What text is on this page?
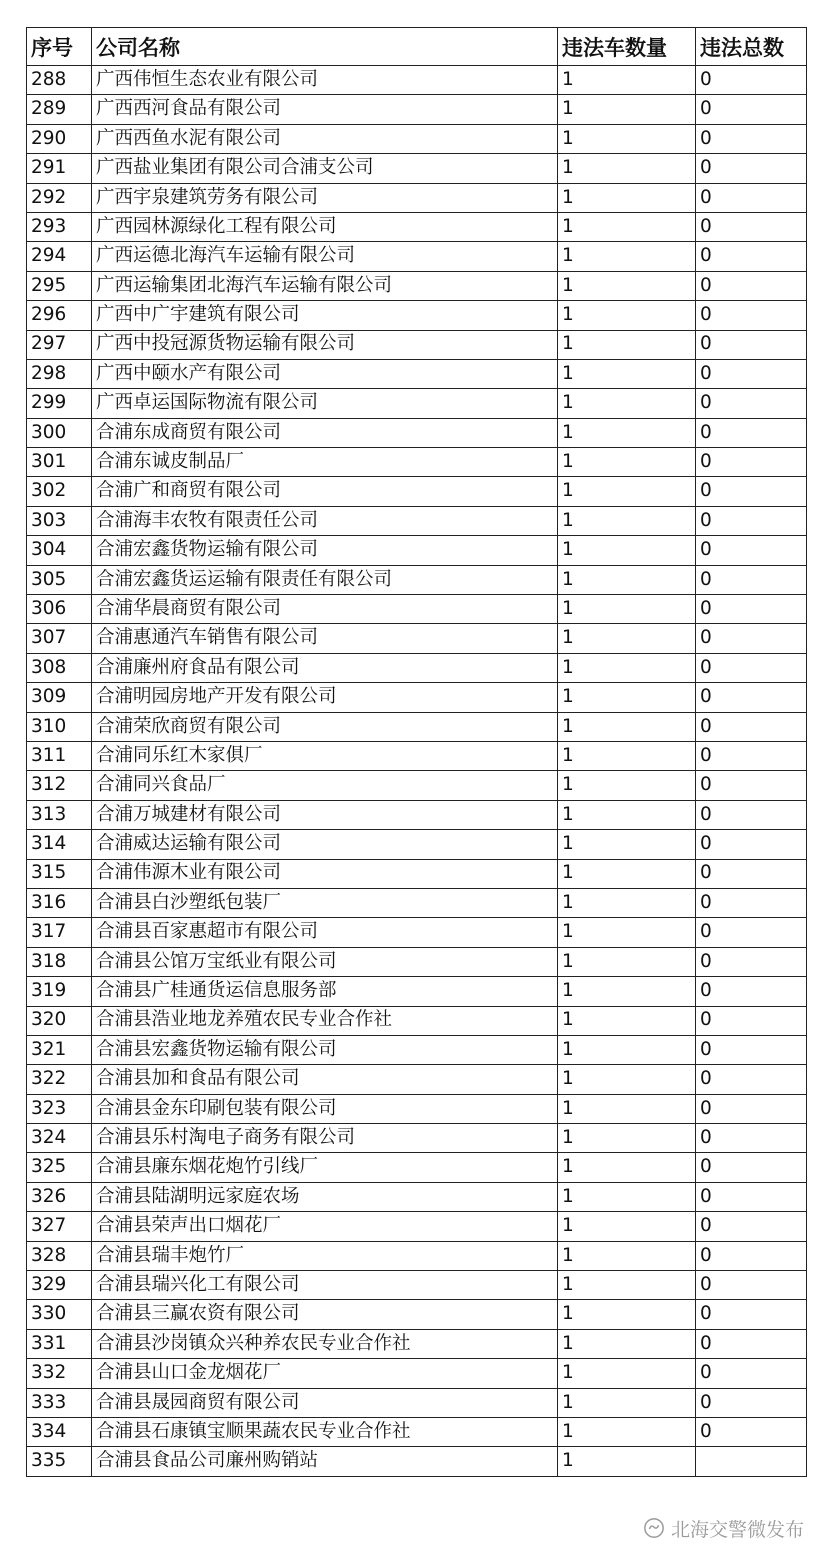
序号	公司名称	违法车数量	违法总数
288	广西伟恒生态农业有限公司	1	0
289	广西西河食品有限公司	1	0
290	广西西鱼水泥有限公司	1	0
291	广西盐业集团有限公司合浦支公司	1	0
292	广西宇泉建筑劳务有限公司	1	0
293	广西园林源绿化工程有限公司	1	0
294	广西运德北海汽车运输有限公司	1	0
295	广西运输集团北海汽车运输有限公司	1	0
296	广西中广宇建筑有限公司	1	0
297	广西中投冠源货物运输有限公司	1	0
298	广西中颐水产有限公司	1	0
299	广西卓运国际物流有限公司	1	0
300	合浦东成商贸有限公司	1	0
301	合浦东诚皮制品厂	1	0
302	合浦广和商贸有限公司	1	0
303	合浦海丰农牧有限责任公司	1	0
304	合浦宏鑫货物运输有限公司	1	0
305	合浦宏鑫货运运输有限责任有限公司	1	0
306	合浦华晨商贸有限公司	1	0
307	合浦惠通汽车销售有限公司	1	0
308	合浦廉州府食品有限公司	1	0
309	合浦明园房地产开发有限公司	1	0
310	合浦荣欣商贸有限公司	1	0
311	合浦同乐红木家俱厂	1	0
312	合浦同兴食品厂	1	0
313	合浦万城建材有限公司	1	0
314	合浦威达运输有限公司	1	0
315	合浦伟源木业有限公司	1	0
316	合浦县白沙塑纸包装厂	1	0
317	合浦县百家惠超市有限公司	1	0
318	合浦县公馆万宝纸业有限公司	1	0
319	合浦县广桂通货运信息服务部	1	0
320	合浦县浩业地龙养殖农民专业合作社	1	0
321	合浦县宏鑫货物运输有限公司	1	0
322	合浦县加和食品有限公司	1	0
323	合浦县金东印刷包装有限公司	1	0
324	合浦县乐村淘电子商务有限公司	1	0
325	合浦县廉东烟花炮竹引线厂	1	0
326	合浦县陆湖明远家庭农场	1	0
327	合浦县荣声出口烟花厂	1	0
328	合浦县瑞丰炮竹厂	1	0
329	合浦县瑞兴化工有限公司	1	0
330	合浦县三赢农资有限公司	1	0
331	合浦县沙岗镇众兴种养农民专业合作社	1	0
332	合浦县山口金龙烟花厂	1	0
333	合浦县晟园商贸有限公司	1	0
334	合浦县石康镇宝顺果蔬农民专业合作社	1	0
335	合浦县食品公司廉州购销站	1	
北海交警微发布
